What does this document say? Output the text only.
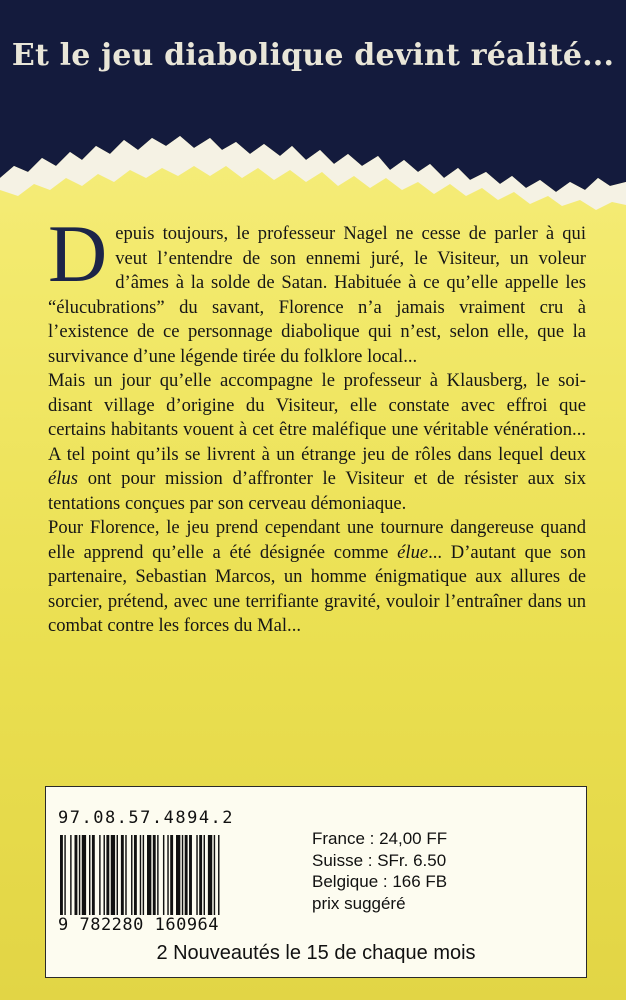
Et le jeu diabolique devint réalité...

Depuis toujours, le professeur Nagel ne cesse de parler à qui veut l’entendre de son ennemi juré, le Visiteur, un voleur d’âmes à la solde de Satan. Habituée à ce qu’elle appelle les “élucubrations” du savant, Florence n’a jamais vraiment cru à l’existence de ce personnage diabolique qui n’est, selon elle, que la survivance d’une légende tirée du folklore local...

Mais un jour qu’elle accompagne le professeur à Klausberg, le soi-disant village d’origine du Visiteur, elle constate avec effroi que certains habitants vouent à cet être maléfique une véritable vénération... A tel point qu’ils se livrent à un étrange jeu de rôles dans lequel deux élus ont pour mission d’affronter le Visiteur et de résister aux six tentations conçues par son cerveau démoniaque.

Pour Florence, le jeu prend cependant une tournure dangereuse quand elle apprend qu’elle a été désignée comme élue... D’autant que son partenaire, Sebastian Marcos, un homme énigmatique aux allures de sorcier, prétend, avec une terrifiante gravité, vouloir l’entraîner dans un combat contre les forces du Mal...

97.08.57.4894.2
9 782280 160964
France : 24,00 FF
Suisse : SFr. 6.50
Belgique : 166 FB
prix suggéré
2 Nouveautés le 15 de chaque mois
